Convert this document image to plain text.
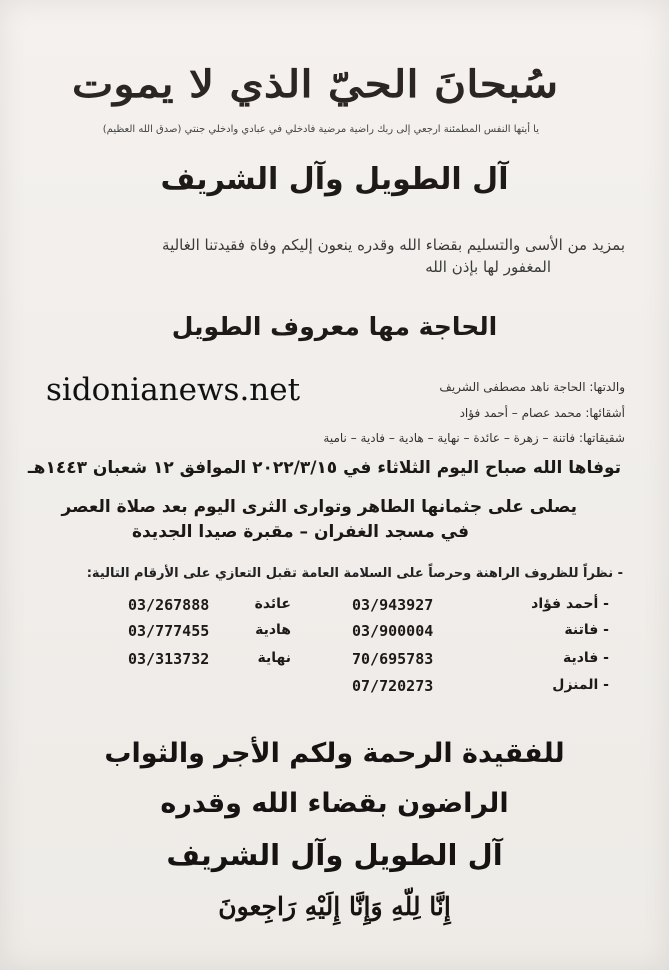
سُبحانَ الحيّ الذي لا يموت
يا أيتها النفس المطمئنة ارجعي إلى ربك راضية مرضية فادخلي في عبادي وادخلي جنتي (صدق الله العظيم)
آل الطويل وآل الشريف
بمزيد من الأسى والتسليم بقضاء الله وقدره ينعون إليكم وفاة فقيدتنا الغالية
المغفور لها بإذن الله
الحاجة مها معروف الطويل
sidonianews.net	والدتها: الحاجة ناهد مصطفى الشريف
أشقائها: محمد عصام – أحمد فؤاد
شقيقاتها: فاتنة – زهرة – عائدة – نهاية – هادية – فادية – نامية
توفاها الله صباح اليوم الثلاثاء في ٢٠٢٢/٣/١٥ الموافق ١٢ شعبان ١٤٤٣هـ
يصلى على جثمانها الطاهر وتوارى الثرى اليوم بعد صلاة العصر
في مسجد الغفران – مقبرة صيدا الجديدة
- نظراً للظروف الراهنة وحرصاً على السلامة العامة تقبل التعازي على الأرقام التالية:
- أحمد فؤاد
03/943927
عائدة
03/267888
- فاتنة
03/900004
هادية
03/777455
- فادية
70/695783
نهاية
03/313732
- المنزل
07/720273
للفقيدة الرحمة ولكم الأجر والثواب
الراضون بقضاء الله وقدره
آل الطويل وآل الشريف
إِنَّا لِلّهِ وَإِنَّا إِلَيْهِ رَاجِعونَ
